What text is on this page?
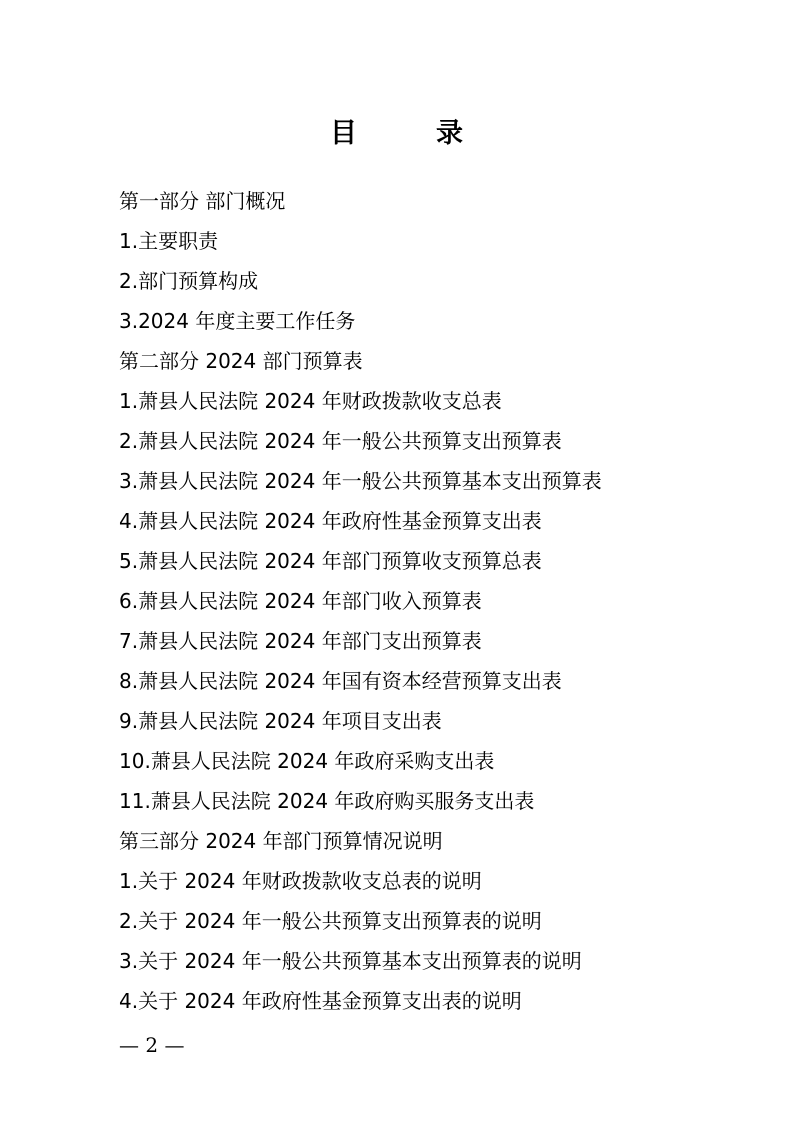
目　录
第一部分 部门概况
1.主要职责
2.部门预算构成
3.2024 年度主要工作任务
第二部分 2024 部门预算表
1.萧县人民法院 2024 年财政拨款收支总表
2.萧县人民法院 2024 年一般公共预算支出预算表
3.萧县人民法院 2024 年一般公共预算基本支出预算表
4.萧县人民法院 2024 年政府性基金预算支出表
5.萧县人民法院 2024 年部门预算收支预算总表
6.萧县人民法院 2024 年部门收入预算表
7.萧县人民法院 2024 年部门支出预算表
8.萧县人民法院 2024 年国有资本经营预算支出表
9.萧县人民法院 2024 年项目支出表
10.萧县人民法院 2024 年政府采购支出表
11.萧县人民法院 2024 年政府购买服务支出表
第三部分 2024 年部门预算情况说明
1.关于 2024 年财政拨款收支总表的说明
2.关于 2024 年一般公共预算支出预算表的说明
3.关于 2024 年一般公共预算基本支出预算表的说明
4.关于 2024 年政府性基金预算支出表的说明
— 2 —
